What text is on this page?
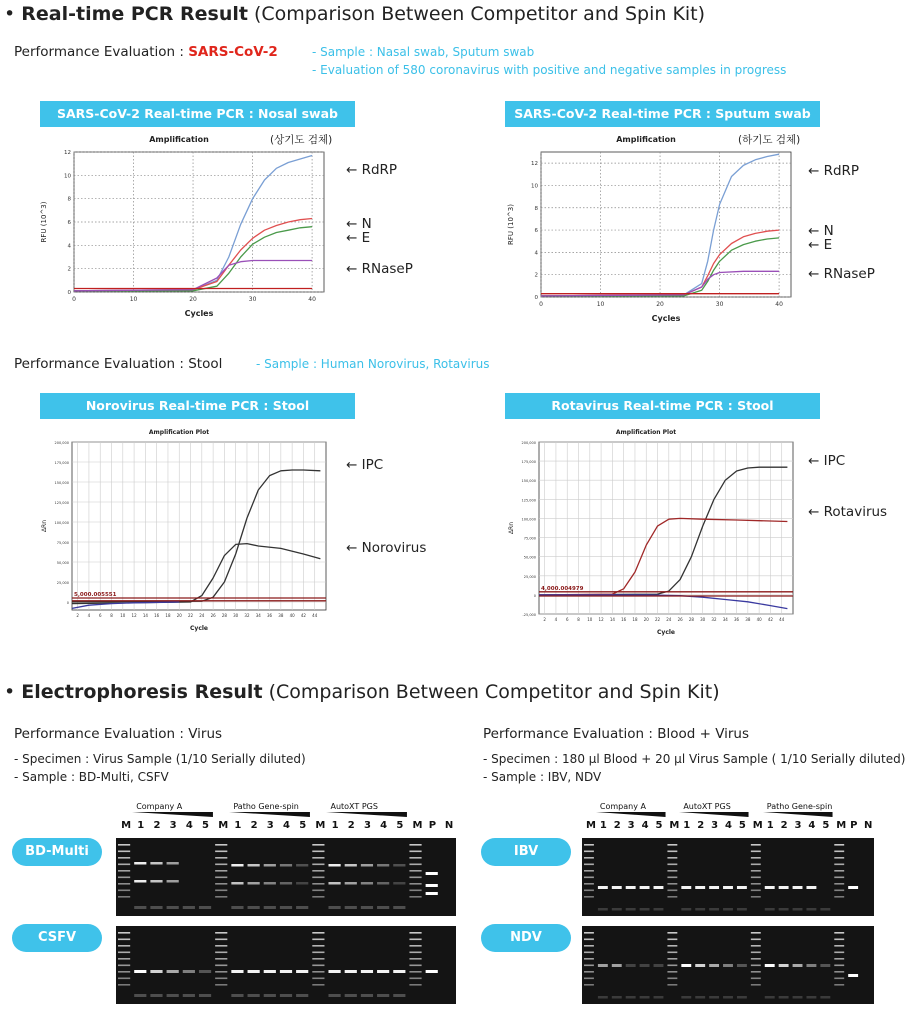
• Real-time PCR Result (Comparison Between Competitor and Spin Kit)
Performance Evaluation : SARS-CoV-2	- Sample : Nasal swab, Sputum swab
- Evaluation of 580 coronavirus with positive and negative samples in progress
SARS-CoV-2 Real-time PCR : Nosal swab	SARS-CoV-2 Real-time PCR : Sputum swab
Amplification
0	10	20	30	40
0
2
4
6
8
10
12
Cycles
RFU (10^3)
Amplification
0	10	20	30	40
0
2
4
6
8
10
12
Cycles
RFU (10^3)
(상기도 검체)
← RdRP
← N
← E
← RNaseP
(하기도 검체)
← RdRP
← N
← E
← RNaseP
Performance Evaluation : Stool	- Sample : Human Norovirus, Rotavirus
Norovirus Real-time PCR : Stool	Rotavirus Real-time PCR : Stool
Amplification Plot
2 4 6 8 10 12 14 16 18 20 22 24 26 28 30 32 34 36 38 40 42 44
0
25,000
50,000
75,000
100,000
125,000
150,000
175,000
200,000
Cycle
ΔRn
5,000.005551
Amplification Plot
2 4 6 8 10 12 14 16 18 20 22 24 26 28 30 32 34 36 38 40 42 44
-25,000
0
25,000
50,000
75,000
100,000
125,000
150,000
175,000
200,000
Cycle
ΔRn
4,000.004979
← IPC
← Norovirus
← IPC
← Rotavirus
• Electrophoresis Result (Comparison Between Competitor and Spin Kit)
Performance Evaluation : Virus
- Specimen : Virus Sample (1/10 Serially diluted)
- Sample : BD-Multi, CSFV
Performance Evaluation : Blood + Virus
- Specimen : 180 μl Blood + 20 μl Virus Sample ( 1/10 Serially diluted)
- Sample : IBV, NDV
BD-Multi
CSFV
IBV
NDV
Company A	Patho Gene-spin	AutoXT PGS
M 1 2 3 4 5 M 1 2 3 4 5 M 1 2 3 4 5 M P N
Company A	AutoXT PGS	Patho Gene-spin
M 1 2 3 4 5 M 1 2 3 4 5 M 1 2 3 4 5 M P N
